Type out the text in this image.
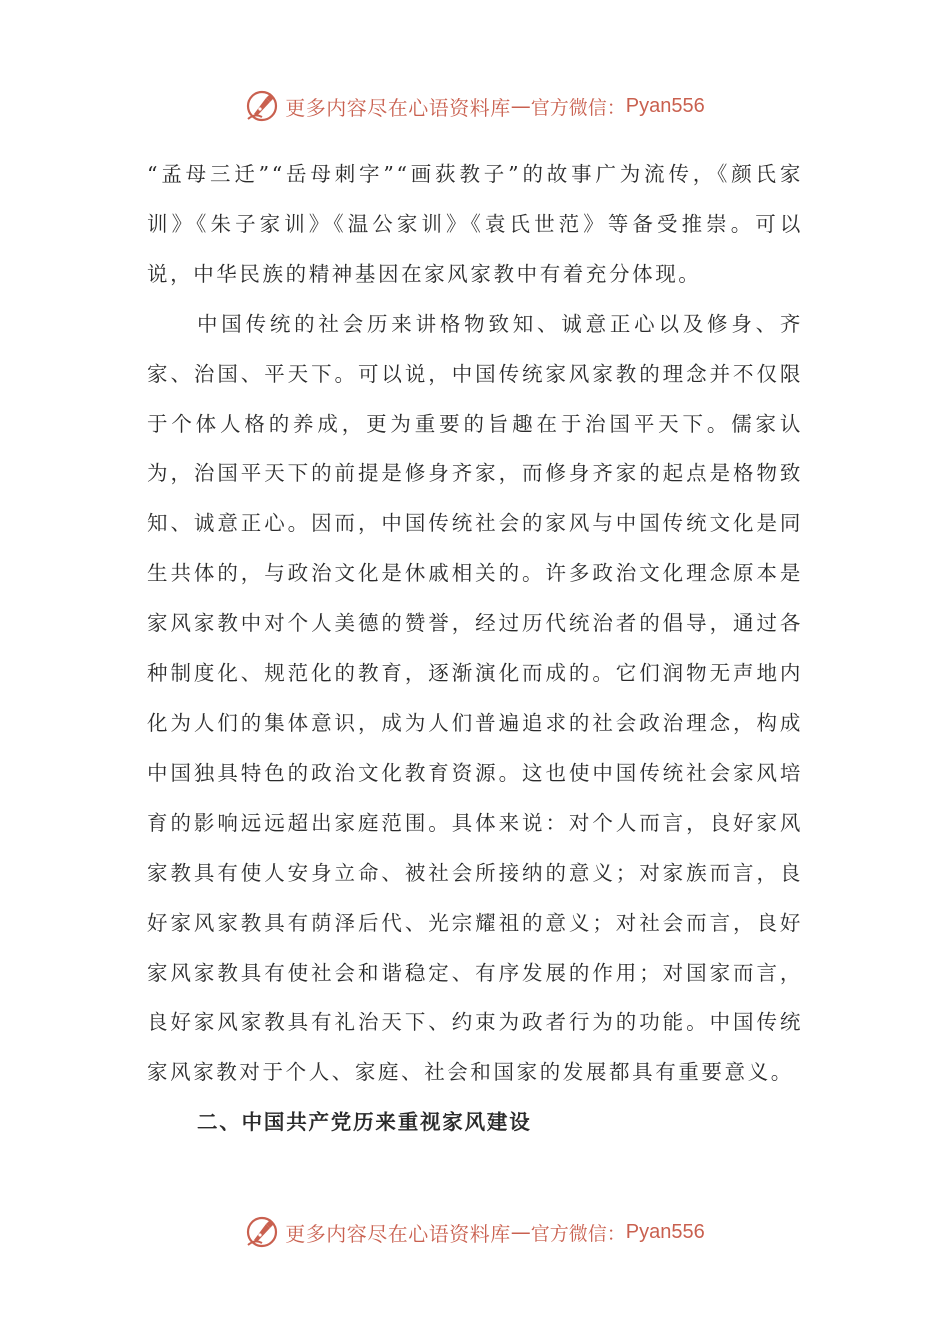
更多内容尽在心语资料库 — 官方微信： Pyan556

“孟母三迁”“岳母刺字”“画荻教子”的故事广为流传，《颜氏家训》《朱子家训》《温公家训》《袁氏世范》等备受推崇。可以说，中华民族的精神基因在家风家教中有着充分体现。

中国传统的社会历来讲格物致知、诚意正心以及修身、齐家、治国、平天下。可以说，中国传统家风家教的理念并不仅限于个体人格的养成，更为重要的旨趣在于治国平天下。儒家认为，治国平天下的前提是修身齐家，而修身齐家的起点是格物致知、诚意正心。因而，中国传统社会的家风与中国传统文化是同生共体的，与政治文化是休戚相关的。许多政治文化理念原本是家风家教中对个人美德的赞誉，经过历代统治者的倡导，通过各种制度化、规范化的教育，逐渐演化而成的。它们润物无声地内化为人们的集体意识，成为人们普遍追求的社会政治理念，构成中国独具特色的政治文化教育资源。这也使中国传统社会家风培育的影响远远超出家庭范围。具体来说：对个人而言，良好家风家教具有使人安身立命、被社会所接纳的意义；对家族而言，良好家风家教具有荫泽后代、光宗耀祖的意义；对社会而言，良好家风家教具有使社会和谐稳定、有序发展的作用；对国家而言，良好家风家教具有礼治天下、约束为政者行为的功能。中国传统家风家教对于个人、家庭、社会和国家的发展都具有重要意义。

二、中国共产党历来重视家风建设

更多内容尽在心语资料库 — 官方微信： Pyan556
